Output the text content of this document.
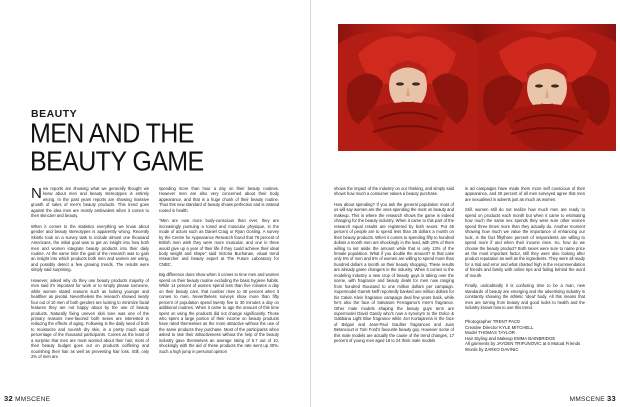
BEAUTY
MEN AND THE
BEAUTY GAME

New reports are showing what we generally thought we knew about men and beauty stereotypes is entirely wrong. In the past years reports are showing massive growth of sales of men's beauty products. This trend goes against the idea men are mostly ambivalent when it comes to their skincare and beauty.

When it comes to the statistics everything we know about gender and beauty stereotypes is apparently wrong. Recently Skintlo took on a survey task to include almost one thousand Americans, the initial goal was to get an insight into how both men and women integrate beauty products into their daily routine. At the same time the goal of the research was to gain an insight into which products both men and women are using, and possibly detect a few growing trends. The results were simply said surprising.

However, asked why do they use beauty products majority of men said it's important for work or to simply please someone, while women stated reasons such as looking younger and healthier as pivotal. Nevertheless the research showed nearly four out of 10 men of both genders are looking to minimize facial features they are not happy about by the use of beauty products. Naturally fixing uneven skin tone was one of the primary reasons men-favored both sexes are interested in reducing the effects of aging. Following is the daily need of both to moisturize and nourish dry skin, in a pretty much equal percentage of the thousand participants. Comes as the least of a surprise that men are most worried about their hair, most of their beauty budget goes out on products coiffering and nourishing their hair as well as preventing hair loss. Still, only 2% of men are

spending more than hour a day on their beauty routines. However men are also very concerned about their body appearance, and that is a huge chunk of their beauty routine. Thus this new standard of beauty shows perfection and is instead rooted in health.

"Men are now more body-conscious than ever, they are increasingly pursuing a toned and muscular physique, in the mode of actors such as Daniel Craig or Ryan Gosling. A survey by the Centre for Appearance Research found that 78 percent of British men wish they were more muscular, and one in three would give up a year of their life if they could achieve their ideal body weight and shape" said Victoria Buchanan, visual trend researcher and beauty expert at The Future Laboratory for CNBC.

Big difference does show when it comes to time men and women spend on their beauty routine excluding the basic hygiene habits. While 14 percent of women spend less than five minutes a day on their beauty care, that number rises to 40 percent when it comes to men. Nevertheless surveys show more than fifty percent of population spend twenty five to 30 minutes a day on additional routines. When it came to age the amount of this time spent on using the products did not change significantly. Those who spent a large portion of their income on beauty products have rated themselves as the more attractive without the use of the same products they purchase. Most of the participants when asked to rate their attractiveness without the help of the beauty industry gave themselves an average rating of 5.7 out of 10, shockingly with the aid of these products the rate went up 30%. Such a high jump in personal opinion

32 MMSCENE

shows the impact of the industry on our thinking, and simply said shows how much a consumer values a beauty purchase.

How about spending? If you ask the general population most of us will say women are the ones spending the most on beauty and makeup. This is where the research shows the game is indeed changing for the beauty industry. When it came to this part of the research equal results are registered by both sexes. Put 46 percent of people are to spend less than 25 dollars a month on their beauty products. When it comes to spending fifty to hundred dollars a month men are shockingly in the lead, with 20% of them willing to set aside the amount while that is only 13% of the female population. What if you double the amount? In that case only 5% of men and 6% of women are willing to spend more than hundred dollars a month on their beauty shopping. These results are already game changers in the industry. When it comes to the modeling industry a new crop of beauty guys is taking over the scene, with fragrance and beauty deals for men now ranging from hundred thousand to one million dollars per campaign. Supermodel Garrett Neff reportedly banked one million dollars for his Calvin Klein fragrance campaign deal few years back, while he's also the face of Salvatore Ferragamo's men's fragrance. Other male models shaping the beauty guys term are supermodel David Gandy who's now a synonym to the Dolce & Gabbana Light Blue fragrance while Jon Kortajarena is the face of Bvlgari and Jean-Paul Gaultier fragrances and Juan Betancourt is Tom Ford's favourite beauty guy. However some of this male models are actually the cause of the trend changes, 17 percent of young men aged 18 to 24 think male models

in ad campaigns have made them more self conscious of their appearance, and 26 percent of all men surveyed agree that men are sexualised in adverts just as much as women.

Still, women still do not realize how much men are ready to spend on products each month but when it came to estimating how much the same sex spends they were sure other women spend three times more than they actually do. Another moment showing how much we value the importance of enhancing our look, is the fact fiftythree percent of respondents are willing to spend more if and when their income rises. So, how do we choose the beauty product? Both sexes were sure to name price as the most important factor, still they were also looking after product reputation as well as the ingredients. They were all ready for a trial and error and what charted high is the recommendation of friends and family with online tips and failing behind the word of mouth.

Finally, undoubtedly it is confusing time to be a man, new standards of beauty are emerging and the advertising industry is constantly showing the athletic 'ideal' body. All this means that men are turning from beauty and good looks to health and the industry knows how to use this trend.

Photographer TRENT PACE
Creative Director KYLE MITCHELL
Model THOMAS TAYLOR
Hair Styling and Makeup EMMA BAINBRIDGE
All garments by JAYDEN TRIFUNOVIC at 6 Mutual Friends
Words by ZARKO DAVINIC
MMSCENE 33
